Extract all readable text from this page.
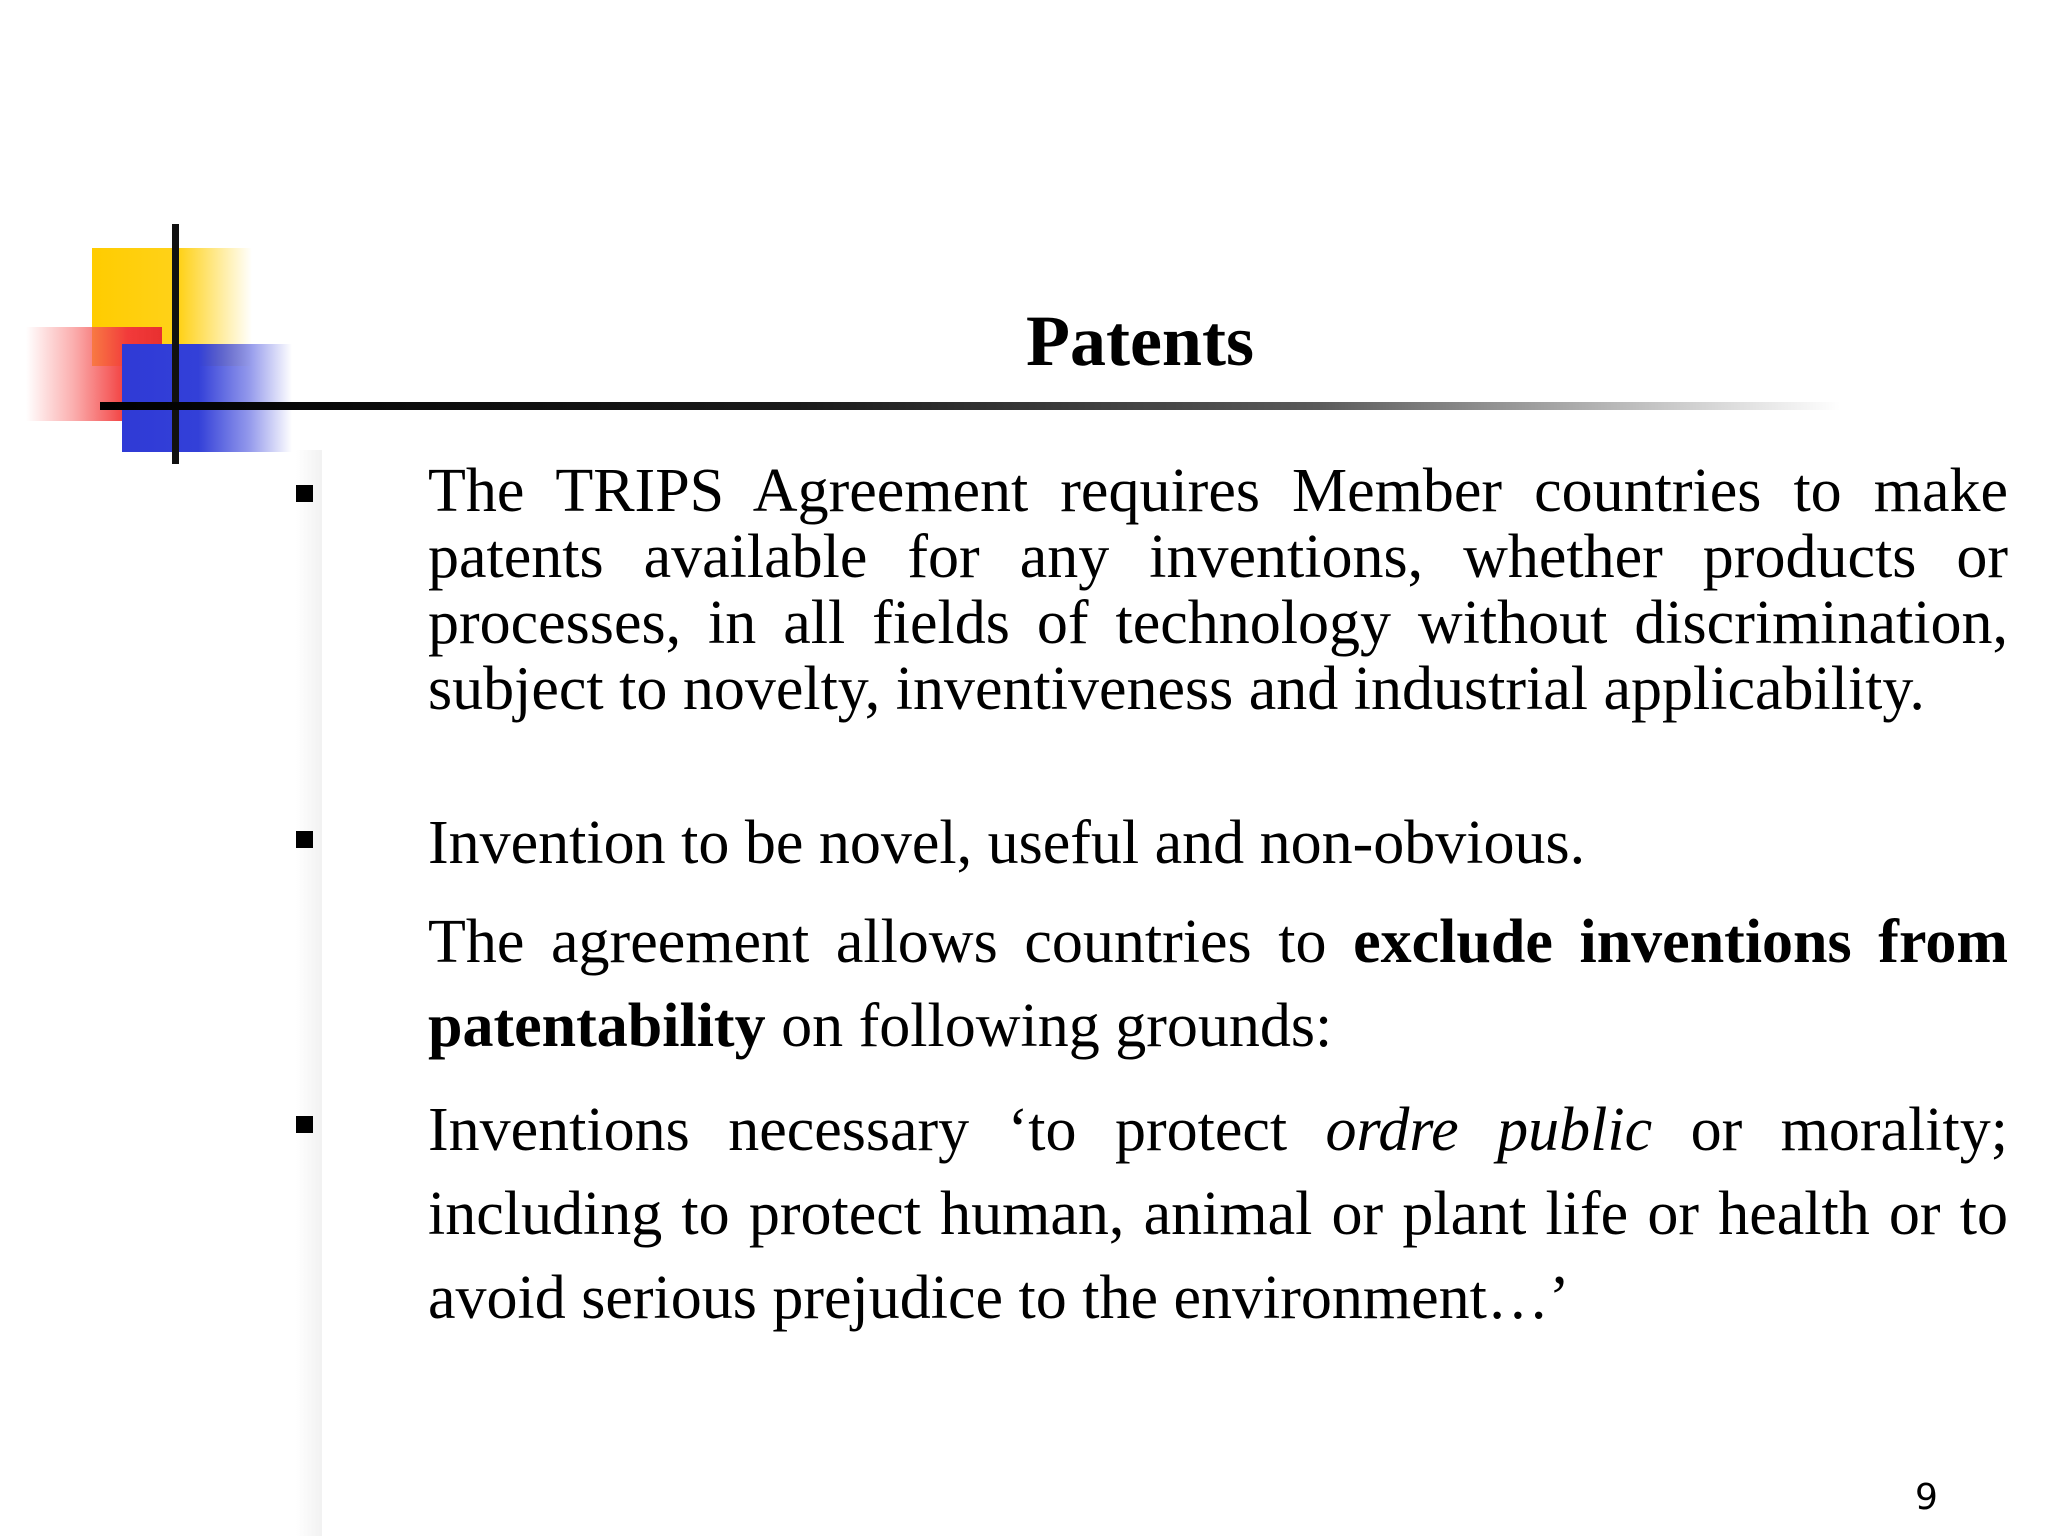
Patents
The TRIPS Agreement requires Member countries to make patents available for any inventions, whether products or processes, in all fields of technology without discrimination, subject to novelty, inventiveness and industrial applicability.
Invention to be novel, useful and non-obvious.
The agreement allows countries to exclude inventions from patentability on following grounds:
Inventions necessary ‘to protect ordre public or morality; including to protect human, animal or plant life or health or to avoid serious prejudice to the environment…’
9
